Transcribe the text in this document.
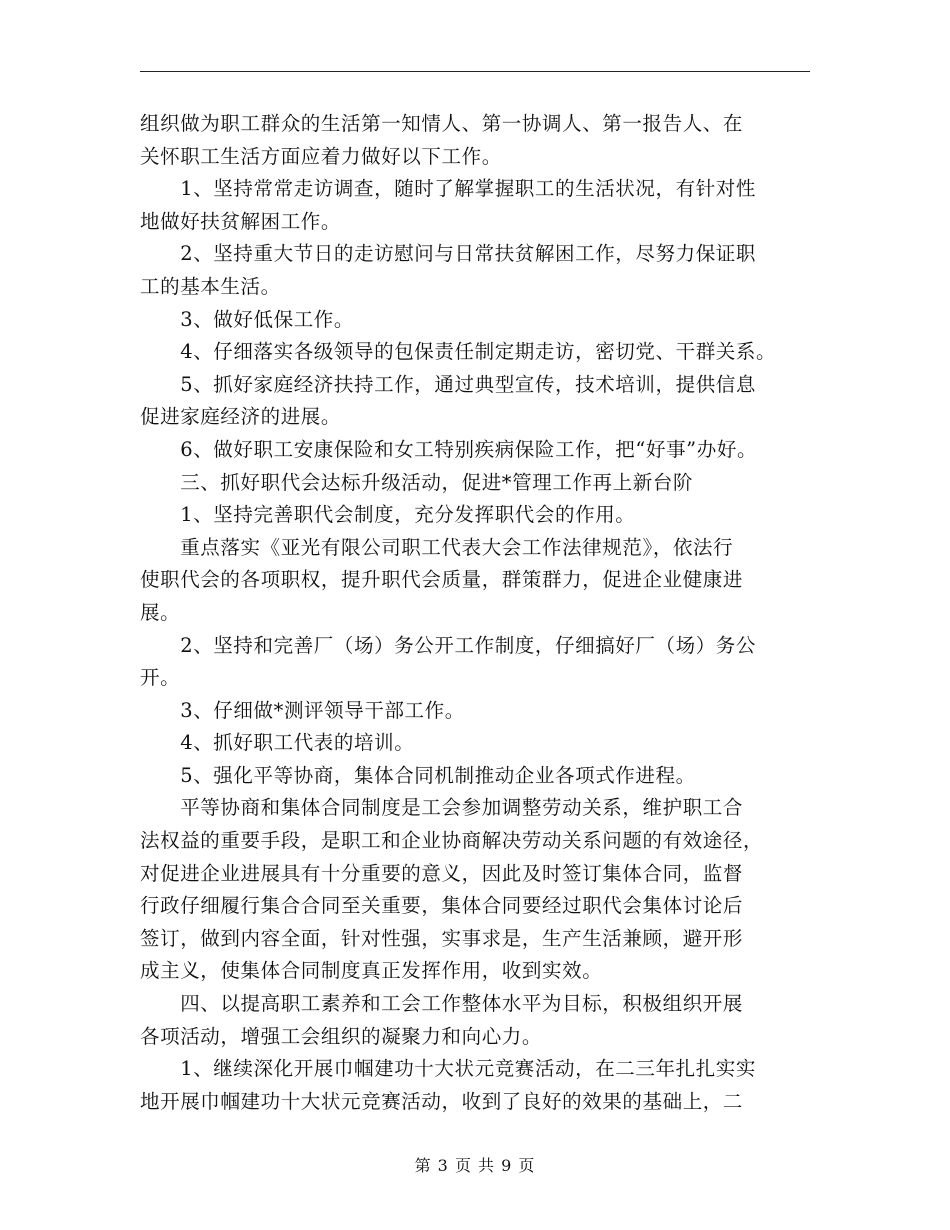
组织做为职工群众的生活第一知情人、第一协调人、第一报告人、在
关怀职工生活方面应着力做好以下工作。
　　1、坚持常常走访调查，随时了解掌握职工的生活状况，有针对性
地做好扶贫解困工作。
　　2、坚持重大节日的走访慰问与日常扶贫解困工作，尽努力保证职
工的基本生活。
　　3、做好低保工作。
　　4、仔细落实各级领导的包保责任制定期走访，密切党、干群关系。
　　5、抓好家庭经济扶持工作，通过典型宣传，技术培训，提供信息
促进家庭经济的进展。
　　6、做好职工安康保险和女工特别疾病保险工作，把“好事”办好。
　　三、抓好职代会达标升级活动，促进*管理工作再上新台阶
　　1、坚持完善职代会制度，充分发挥职代会的作用。
　　重点落实《亚光有限公司职工代表大会工作法律规范》，依法行
使职代会的各项职权，提升职代会质量，群策群力，促进企业健康进
展。
　　2、坚持和完善厂（场）务公开工作制度，仔细搞好厂（场）务公
开。
　　3、仔细做*测评领导干部工作。
　　4、抓好职工代表的培训。
　　5、强化平等协商，集体合同机制推动企业各项式作进程。
　　平等协商和集体合同制度是工会参加调整劳动关系，维护职工合
法权益的重要手段，是职工和企业协商解决劳动关系问题的有效途径，
对促进企业进展具有十分重要的意义，因此及时签订集体合同，监督
行政仔细履行集合合同至关重要，集体合同要经过职代会集体讨论后
签订，做到内容全面，针对性强，实事求是，生产生活兼顾，避开形
成主义，使集体合同制度真正发挥作用，收到实效。
　　四、以提高职工素养和工会工作整体水平为目标，积极组织开展
各项活动，增强工会组织的凝聚力和向心力。
　　1、继续深化开展巾帼建功十大状元竞赛活动，在二三年扎扎实实
地开展巾帼建功十大状元竞赛活动，收到了良好的效果的基础上，二
第 3 页 共 9 页
